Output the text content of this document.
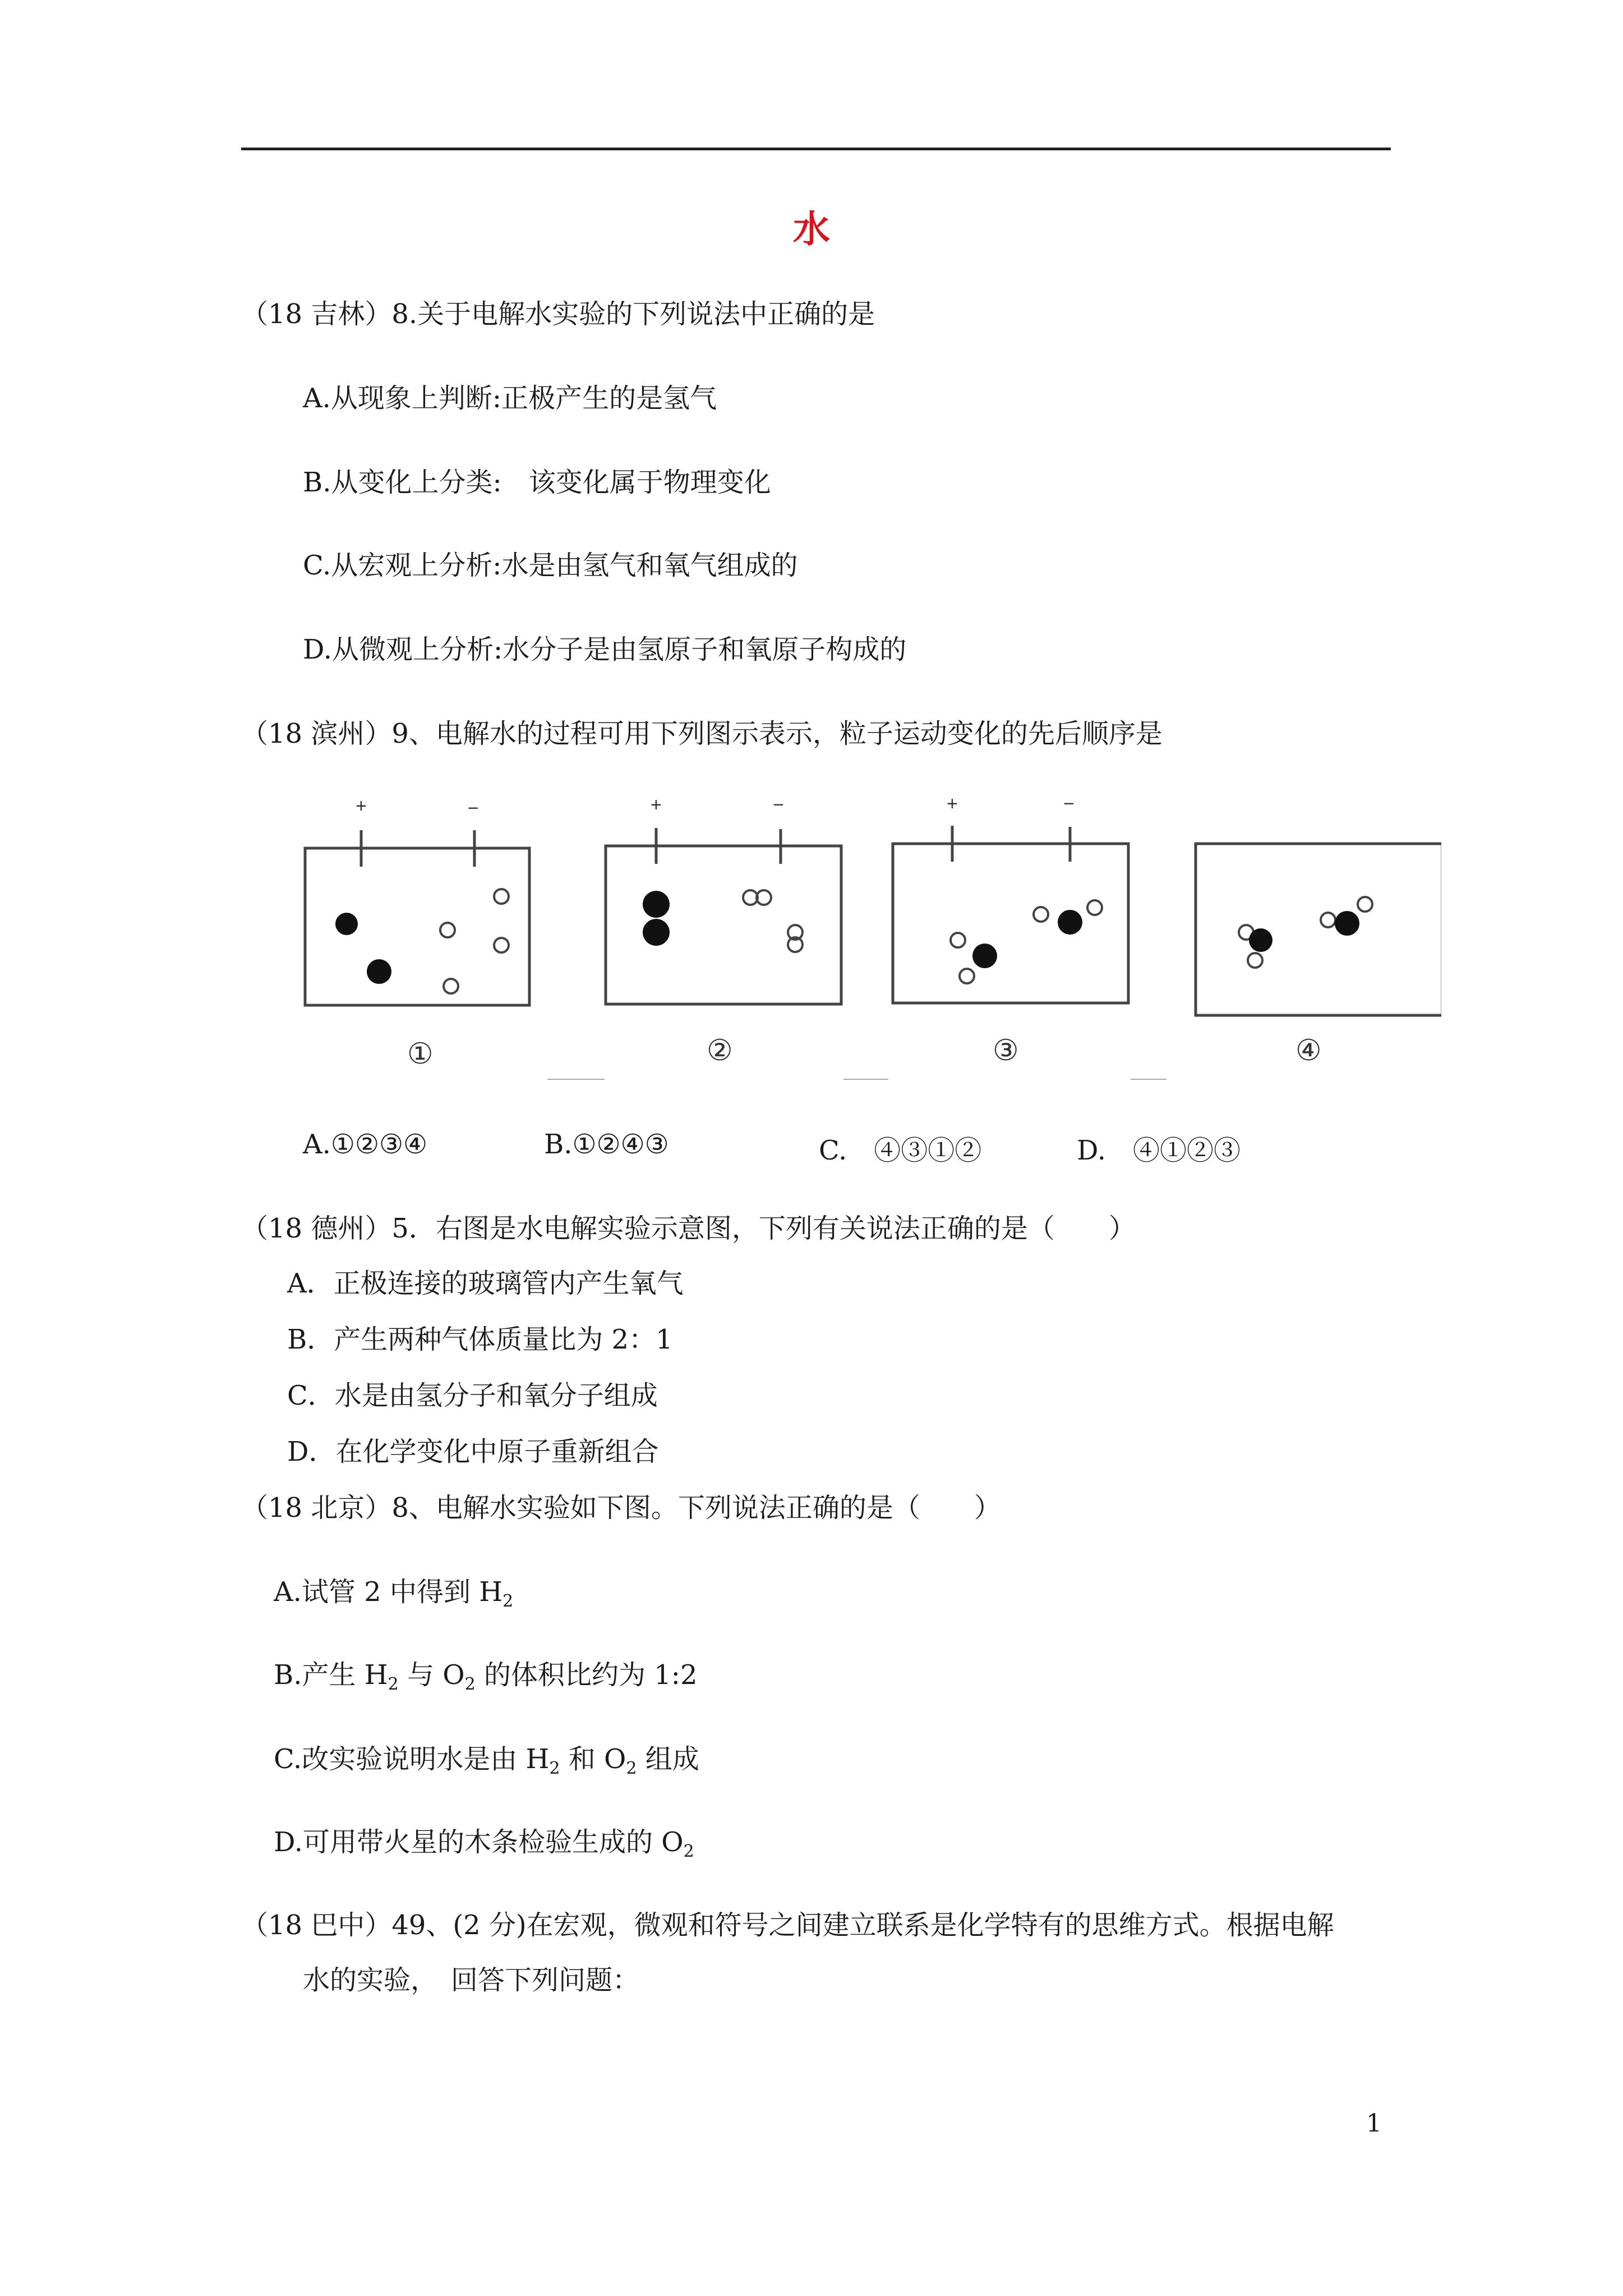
水
（18 吉林）8.关于电解水实验的下列说法中正确的是
A.从现象上判断:正极产生的是氢气
B.从变化上分类:　该变化属于物理变化
C.从宏观上分析:水是由氢气和氧气组成的
D.从微观上分析:水分子是由氢原子和氧原子构成的
（18 滨州）9、电解水的过程可用下列图示表示，粒子运动变化的先后顺序是
+	−	+	−	+	−
①	②	③	④
A.①②③④	B.①②④③	C.　④③①②	D.　④①②③
（18 德州）5．右图是水电解实验示意图，下列有关说法正确的是（　　）
A．正极连接的玻璃管内产生氧气
B．产生两种气体质量比为 2：1
C．水是由氢分子和氧分子组成
D．在化学变化中原子重新组合
（18 北京）8、电解水实验如下图。下列说法正确的是（　　）
A.试管 2 中得到 $H_2$
B.产生 $H_2$ 与 $O_2$ 的体积比约为 1:2
C.改实验说明水是由 $H_2$ 和 $O_2$ 组成
D.可用带火星的木条检验生成的 $O_2$
（18 巴中）49、(2 分)在宏观，微观和符号之间建立联系是化学特有的思维方式。根据电解
水的实验，　回答下列问题：
1
